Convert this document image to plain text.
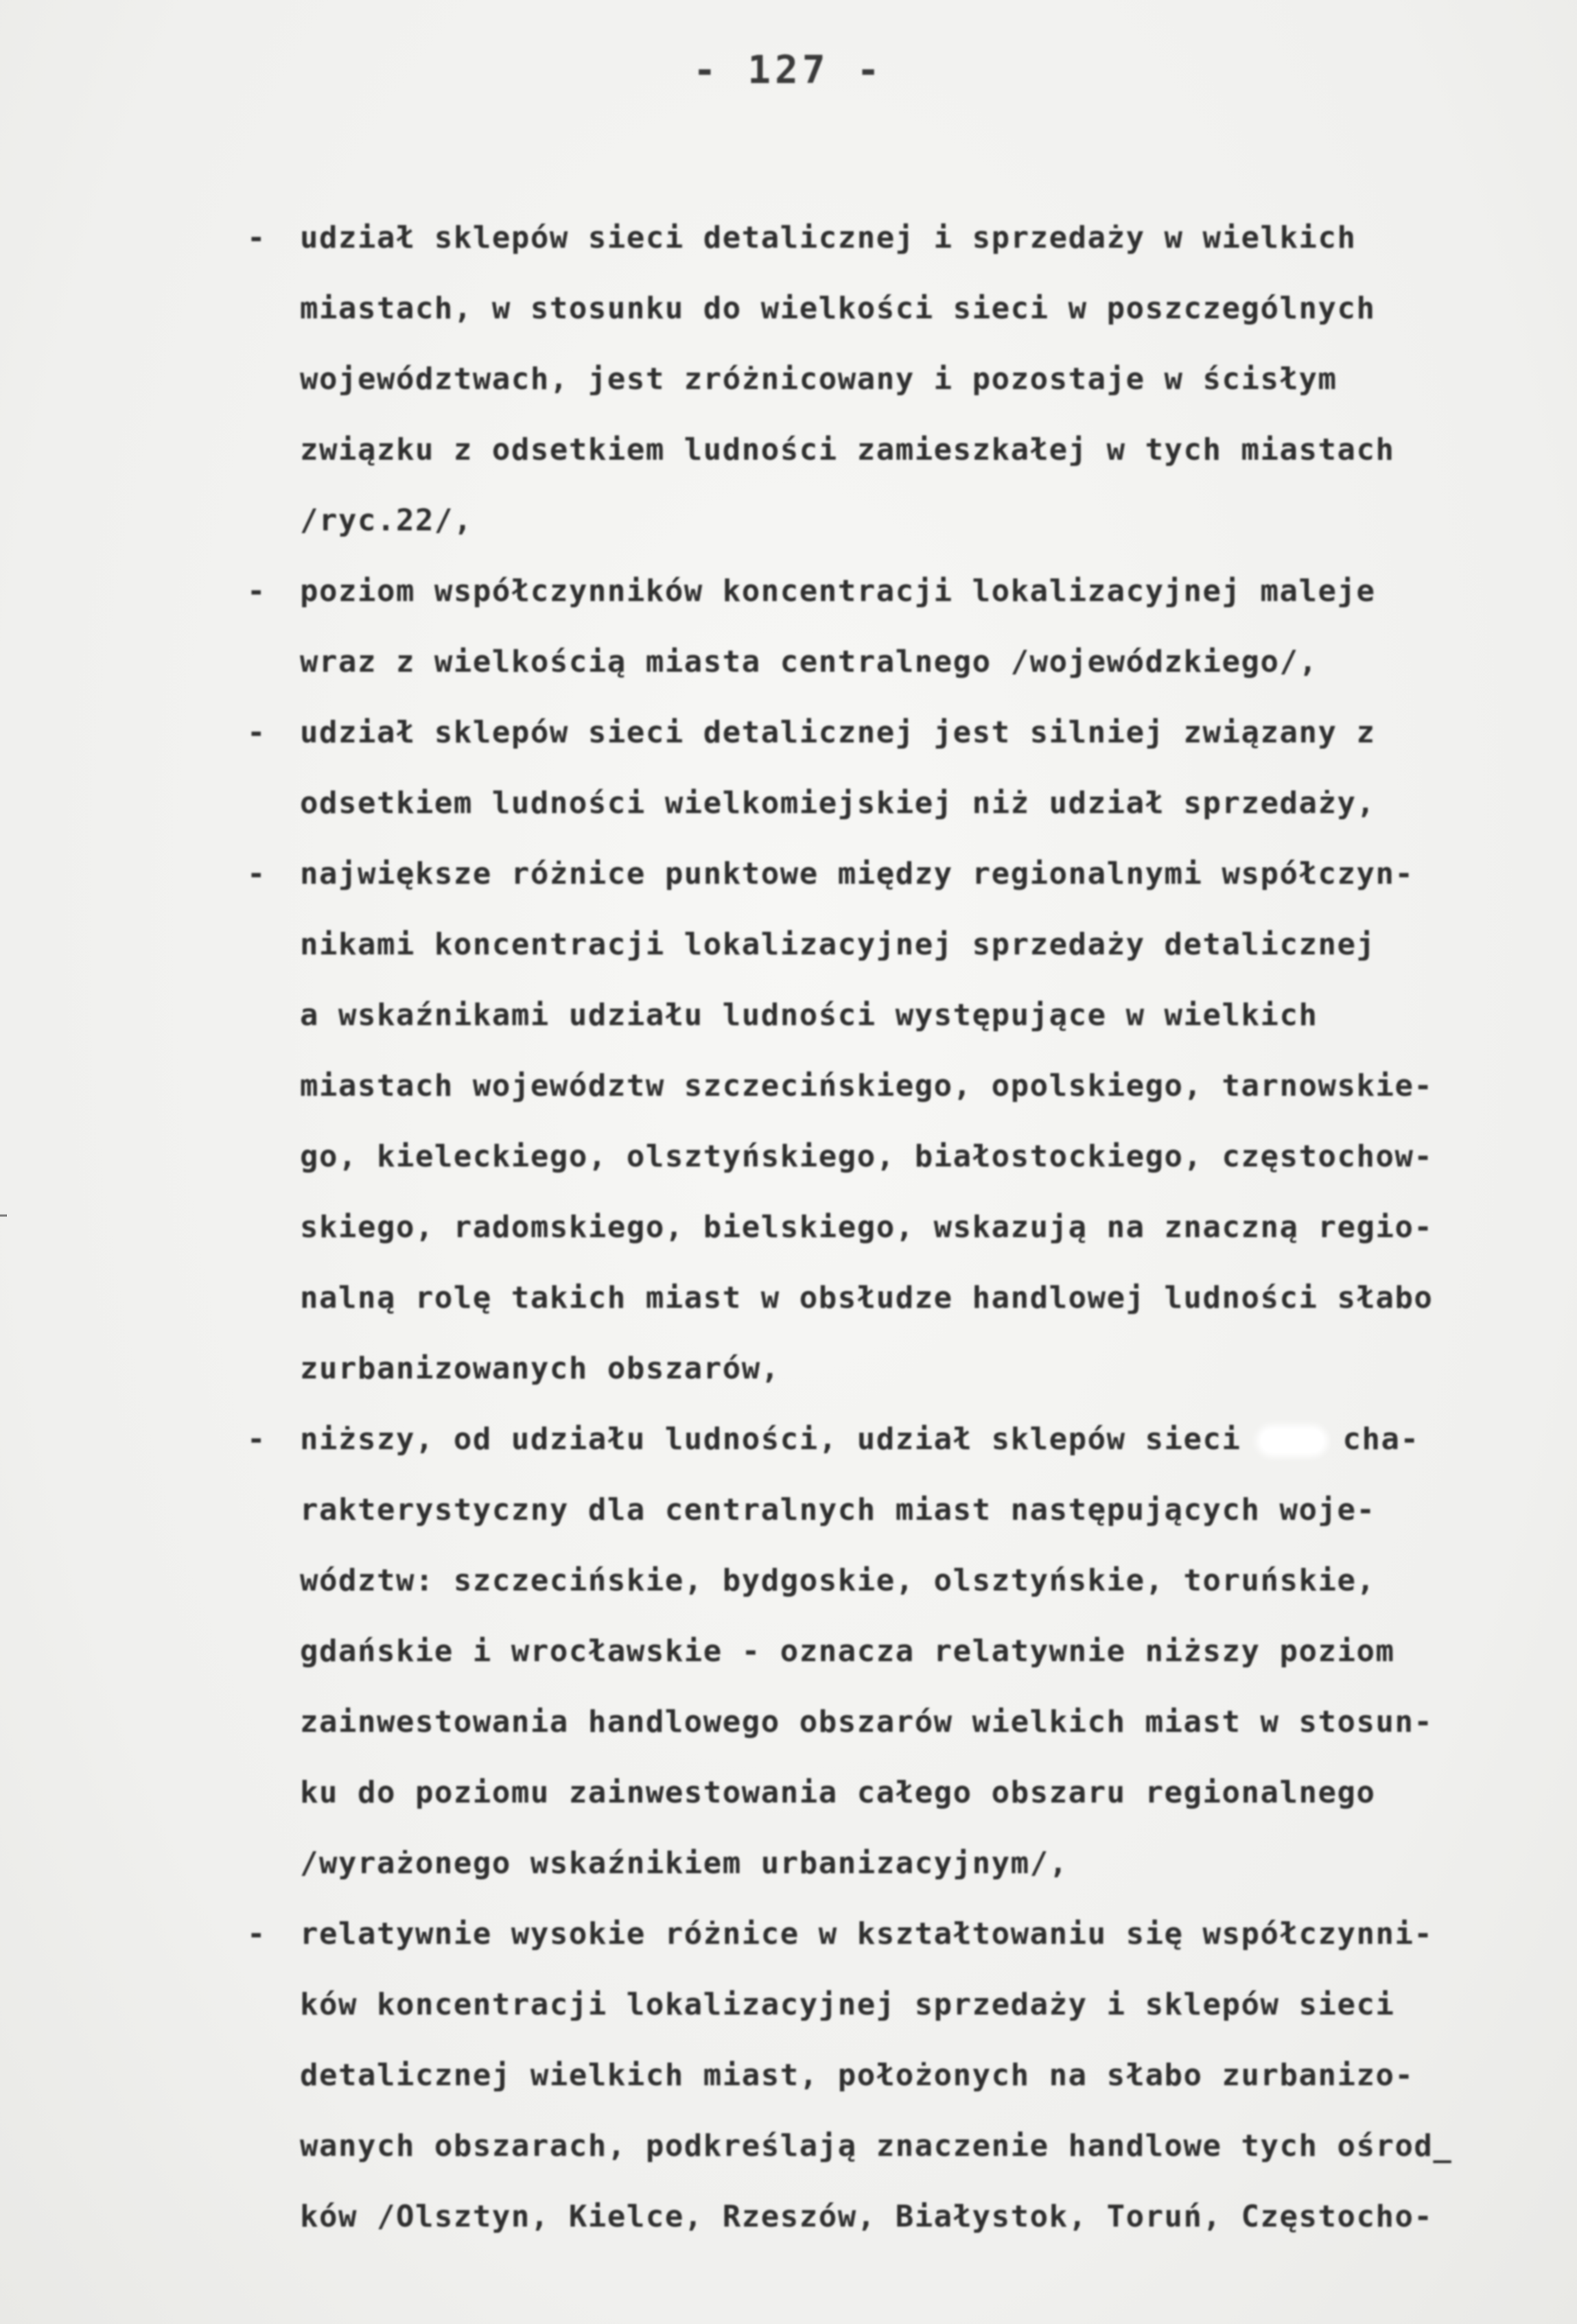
- 127 -
- udział sklepów sieci detalicznej i sprzedaży w wielkich
miastach, w stosunku do wielkości sieci w poszczególnych
województwach, jest zróżnicowany i pozostaje w ścisłym
związku z odsetkiem ludności zamieszkałej w tych miastach
/ryc.22/,
- poziom współczynników koncentracji lokalizacyjnej maleje
wraz z wielkością miasta centralnego /wojewódzkiego/,
- udział sklepów sieci detalicznej jest silniej związany z
odsetkiem ludności wielkomiejskiej niż udział sprzedaży,
- największe różnice punktowe między regionalnymi współczyn-
nikami koncentracji lokalizacyjnej sprzedaży detalicznej
a wskaźnikami udziału ludności występujące w wielkich
miastach województw szczecińskiego, opolskiego, tarnowskie-
go, kieleckiego, olsztyńskiego, białostockiego, częstochow-
skiego, radomskiego, bielskiego, wskazują na znaczną regio-
nalną rolę takich miast w obsłudze handlowej ludności słabo
zurbanizowanych obszarów,
- niższy, od udziału ludności, udział sklepów sieci  cha-
rakterystyczny dla centralnych miast następujących woje-
wództw: szczecińskie, bydgoskie, olsztyńskie, toruńskie,
gdańskie i wrocławskie - oznacza relatywnie niższy poziom
zainwestowania handlowego obszarów wielkich miast w stosun-
ku do poziomu zainwestowania całego obszaru regionalnego
/wyrażonego wskaźnikiem urbanizacyjnym/,
- relatywnie wysokie różnice w kształtowaniu się współczynni-
ków koncentracji lokalizacyjnej sprzedaży i sklepów sieci
detalicznej wielkich miast, położonych na słabo zurbanizo-
wanych obszarach, podkreślają znaczenie handlowe tych ośrod_
ków /Olsztyn, Kielce, Rzeszów, Białystok, Toruń, Częstocho-
